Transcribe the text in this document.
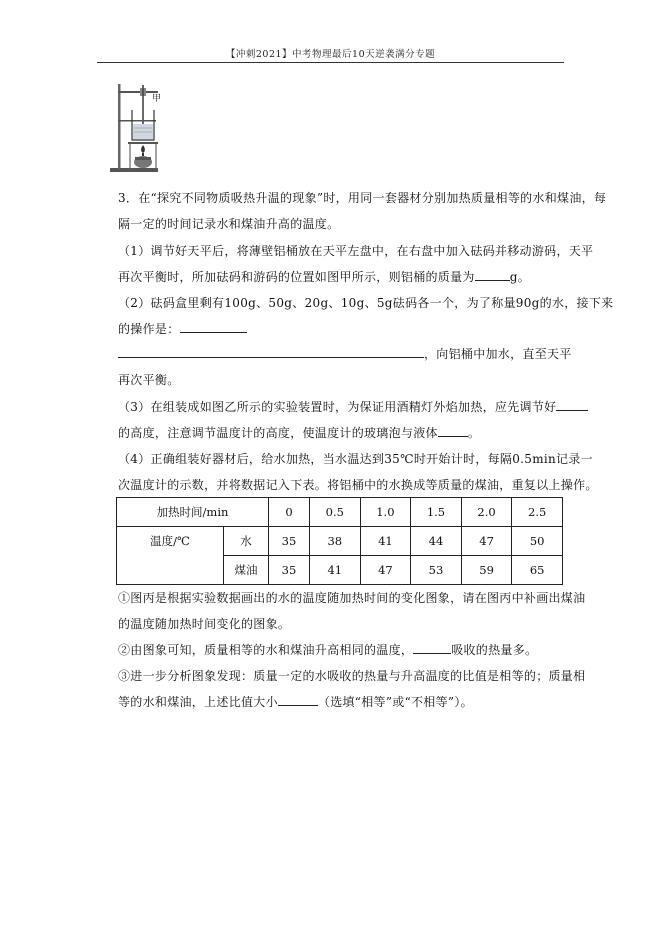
【冲刺2021】中考物理最后10天逆袭满分专题
甲
3．在“探究不同物质吸热升温的现象”时，用同一套器材分别加热质量相等的水和煤油，每
隔一定的时间记录水和煤油升高的温度。
（1）调节好天平后，将薄壁铝桶放在天平左盘中，在右盘中加入砝码并移动游码，天平
再次平衡时，所加砝码和游码的位置如图甲所示，则铝桶的质量为	g。
（2）砝码盒里剩有100g、50g、20g、10g、5g砝码各一个，为了称量90g的水，接下来
的操作是：
，向铝桶中加水，直至天平
再次平衡。
（3）在组装成如图乙所示的实验装置时，为保证用酒精灯外焰加热，应先调节好
的高度，注意调节温度计的高度，使温度计的玻璃泡与液体	。
（4）正确组装好器材后，给水加热，当水温达到35℃时开始计时，每隔0.5min记录一
次温度计的示数，并将数据记入下表。将铝桶中的水换成等质量的煤油，重复以上操作。
加热时间/min		0	0.5	1.0	1.5	2.0	2.5
温度/℃	水	35	38	41	44	47	50
	煤油	35	41	47	53	59	65
①图丙是根据实验数据画出的水的温度随加热时间的变化图象，请在图丙中补画出煤油
的温度随加热时间变化的图象。
②由图象可知，质量相等的水和煤油升高相同的温度，	吸收的热量多。
③进一步分析图象发现：质量一定的水吸收的热量与升高温度的比值是相等的；质量相
等的水和煤油，上述比值大小	（选填“相等”或“不相等”）。
